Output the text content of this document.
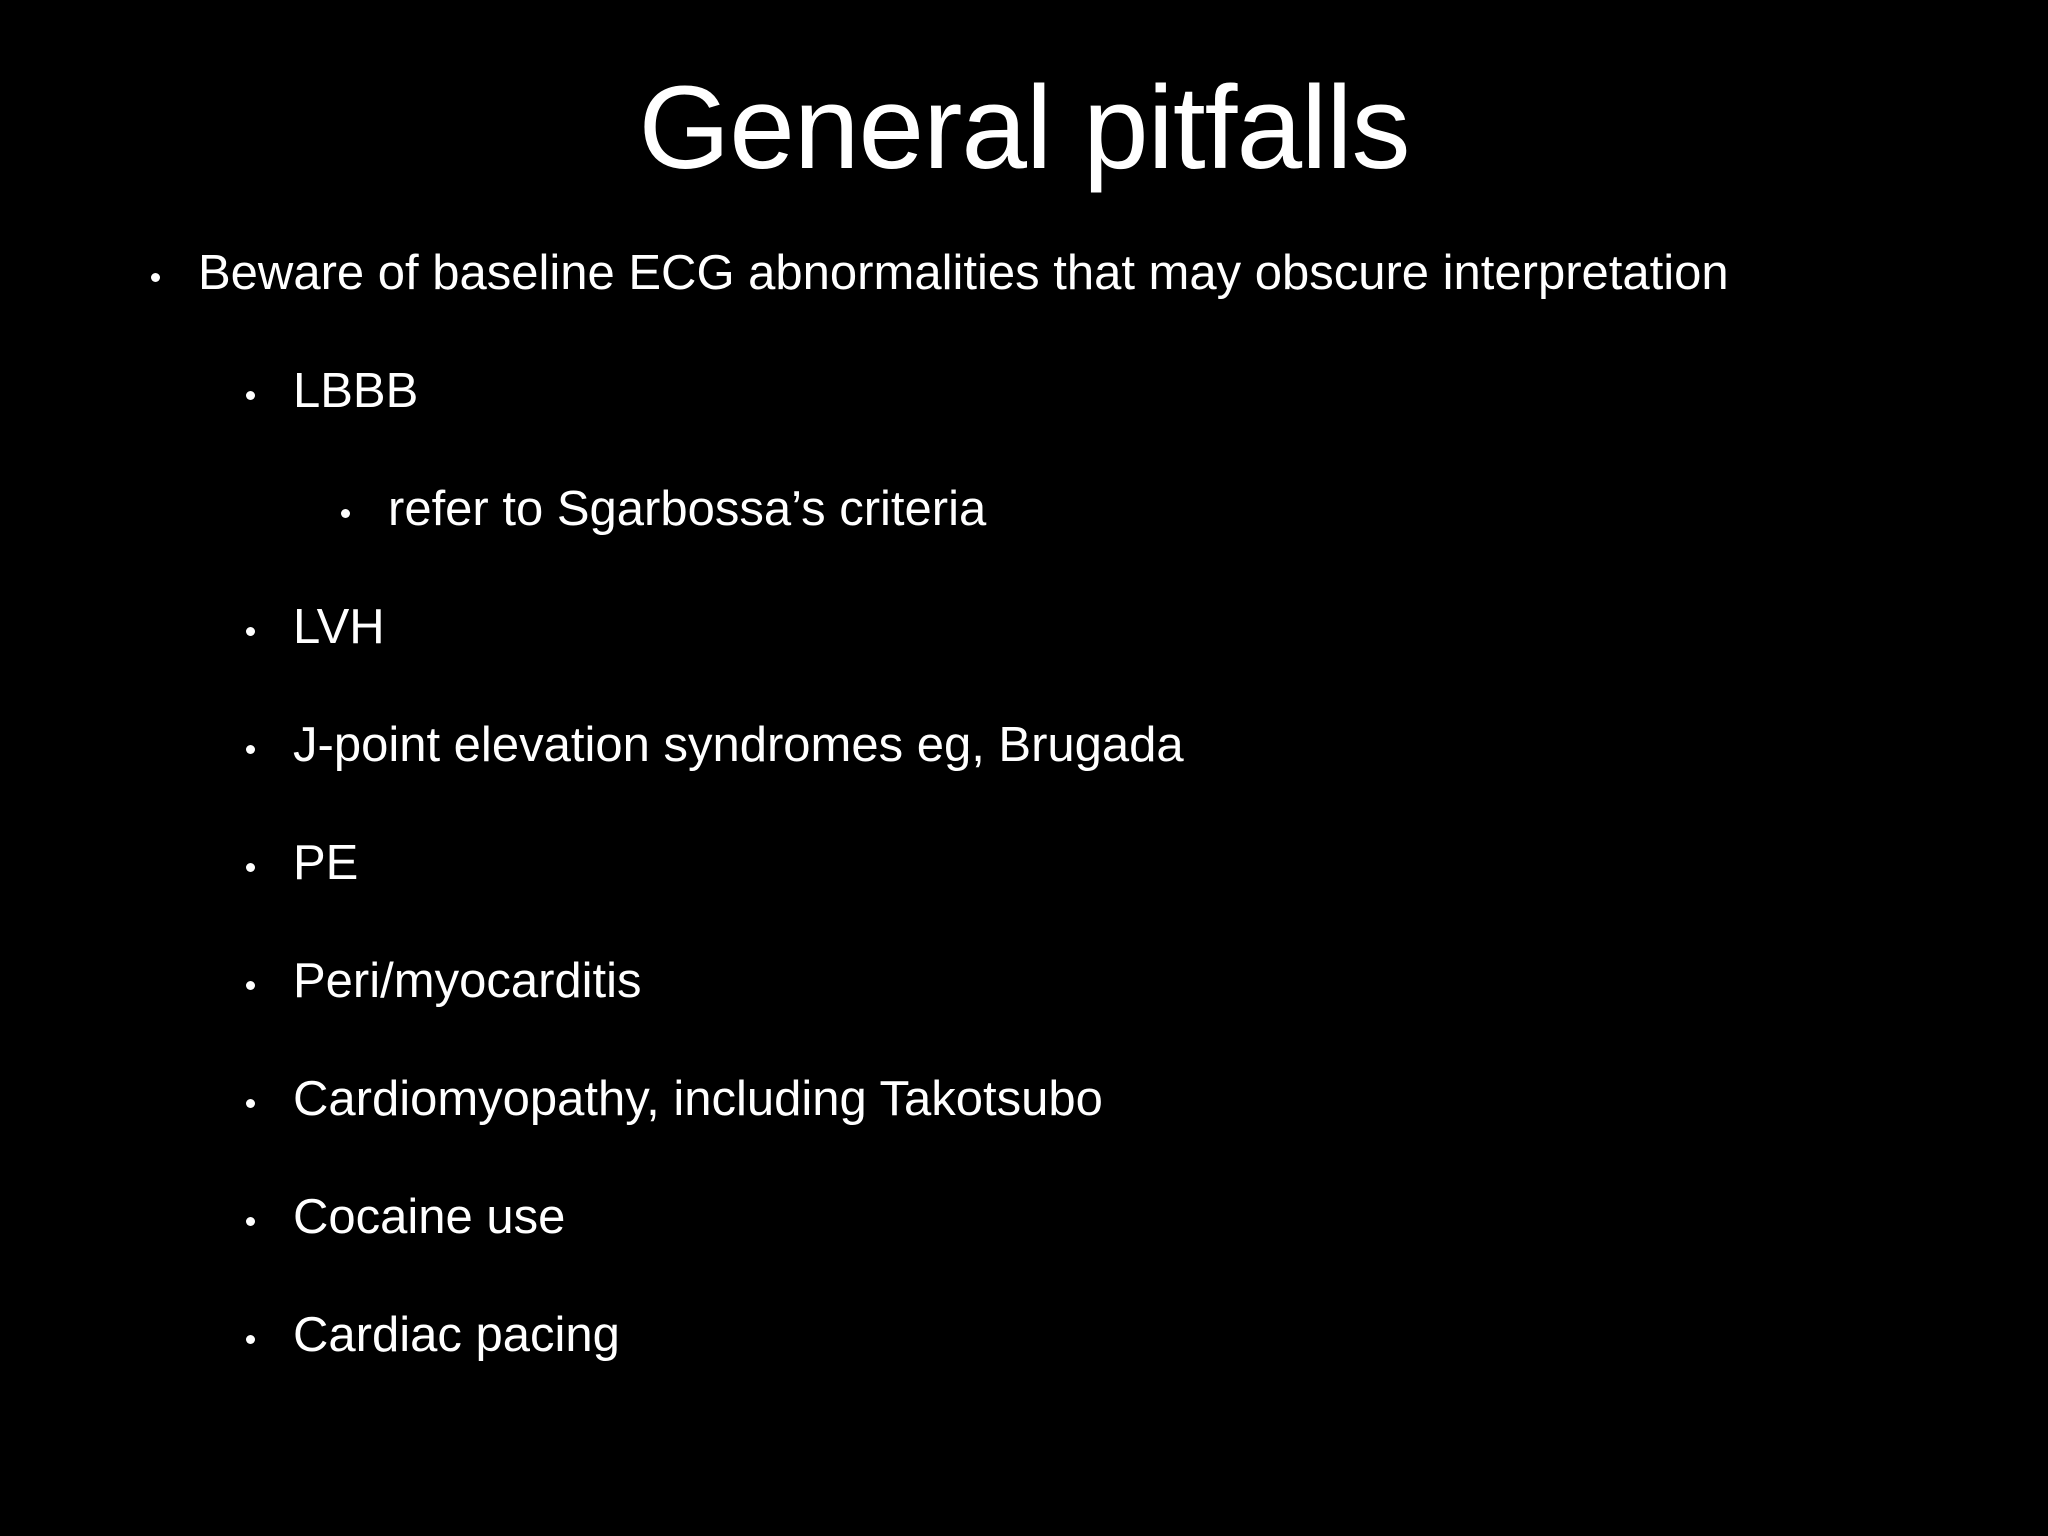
General pitfalls
Beware of baseline ECG abnormalities that may obscure interpretation
LBBB
refer to Sgarbossa’s criteria
LVH
J-point elevation syndromes eg, Brugada
PE
Peri/myocarditis
Cardiomyopathy, including Takotsubo
Cocaine use
Cardiac pacing
